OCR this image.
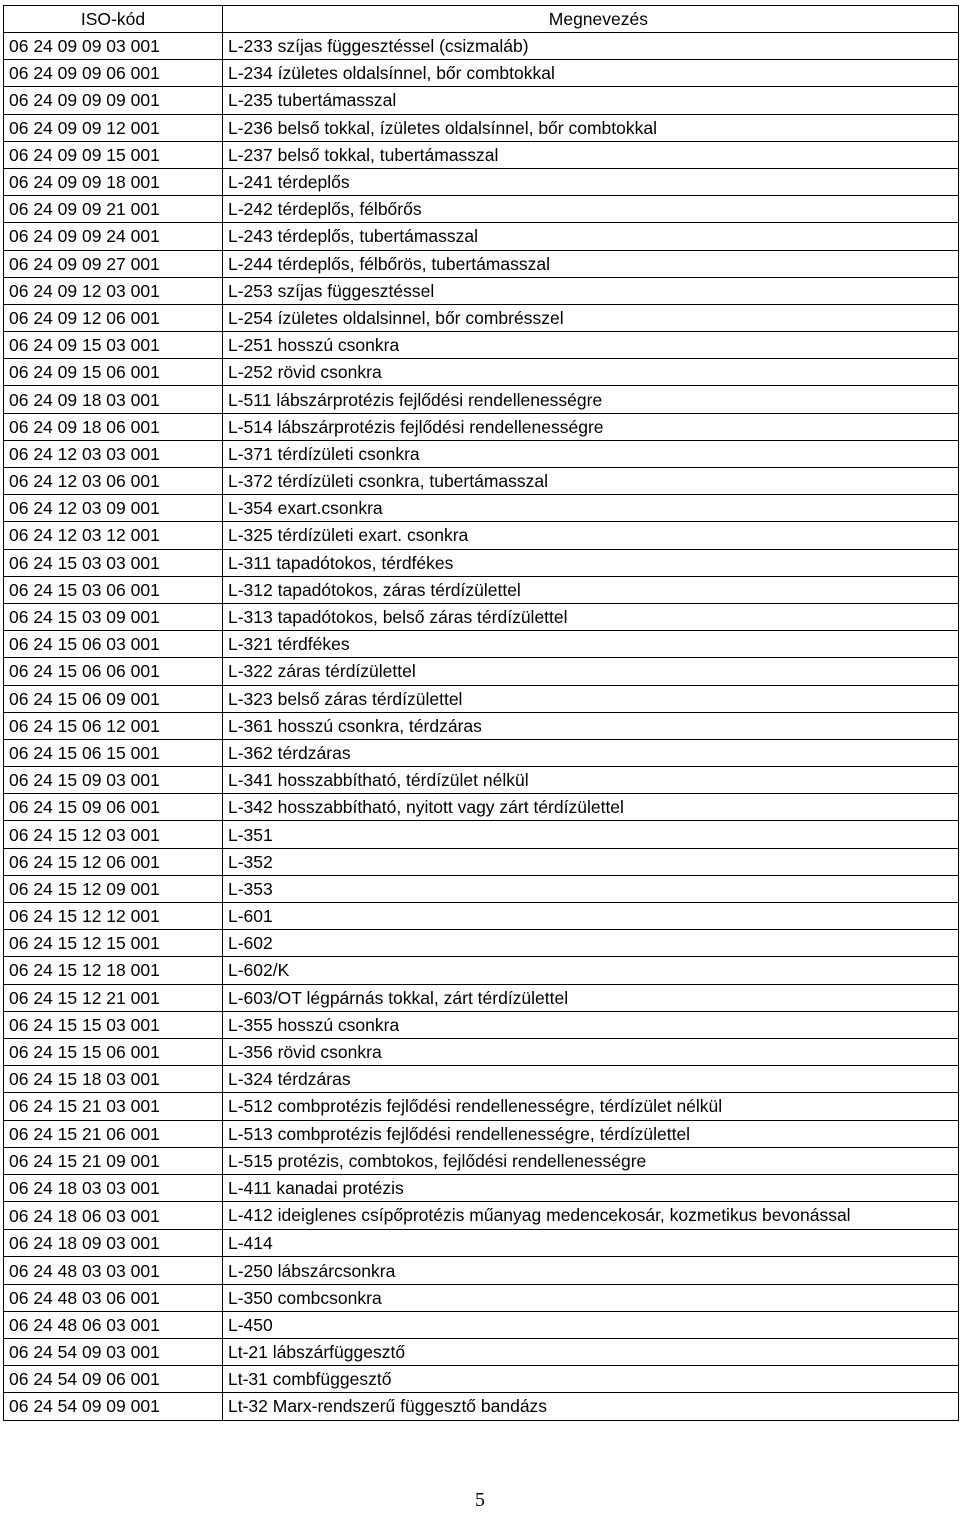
ISO-kód	Megnevezés
06 24 09 09 03 001	L-233 szíjas függesztéssel (csizmaláb)
06 24 09 09 06 001	L-234 ízületes oldalsínnel, bőr combtokkal
06 24 09 09 09 001	L-235 tubertámasszal
06 24 09 09 12 001	L-236 belső tokkal, ízületes oldalsínnel, bőr combtokkal
06 24 09 09 15 001	L-237 belső tokkal, tubertámasszal
06 24 09 09 18 001	L-241 térdeplős
06 24 09 09 21 001	L-242 térdeplős, félbőrős
06 24 09 09 24 001	L-243 térdeplős, tubertámasszal
06 24 09 09 27 001	L-244 térdeplős, félbőrös, tubertámasszal
06 24 09 12 03 001	L-253 szíjas függesztéssel
06 24 09 12 06 001	L-254 ízületes oldalsinnel, bőr combrésszel
06 24 09 15 03 001	L-251 hosszú csonkra
06 24 09 15 06 001	L-252 rövid csonkra
06 24 09 18 03 001	L-511 lábszárprotézis fejlődési rendellenességre
06 24 09 18 06 001	L-514 lábszárprotézis fejlődési rendellenességre
06 24 12 03 03 001	L-371 térdízületi csonkra
06 24 12 03 06 001	L-372 térdízületi csonkra, tubertámasszal
06 24 12 03 09 001	L-354 exart.csonkra
06 24 12 03 12 001	L-325 térdízületi exart. csonkra
06 24 15 03 03 001	L-311 tapadótokos, térdfékes
06 24 15 03 06 001	L-312 tapadótokos, záras térdízülettel
06 24 15 03 09 001	L-313 tapadótokos, belső záras térdízülettel
06 24 15 06 03 001	L-321 térdfékes
06 24 15 06 06 001	L-322 záras térdízülettel
06 24 15 06 09 001	L-323 belső záras térdízülettel
06 24 15 06 12 001	L-361 hosszú csonkra, térdzáras
06 24 15 06 15 001	L-362 térdzáras
06 24 15 09 03 001	L-341 hosszabbítható, térdízület nélkül
06 24 15 09 06 001	L-342 hosszabbítható, nyitott vagy zárt térdízülettel
06 24 15 12 03 001	L-351
06 24 15 12 06 001	L-352
06 24 15 12 09 001	L-353
06 24 15 12 12 001	L-601
06 24 15 12 15 001	L-602
06 24 15 12 18 001	L-602/K
06 24 15 12 21 001	L-603/OT légpárnás tokkal, zárt térdízülettel
06 24 15 15 03 001	L-355 hosszú csonkra
06 24 15 15 06 001	L-356 rövid csonkra
06 24 15 18 03 001	L-324 térdzáras
06 24 15 21 03 001	L-512 combprotézis fejlődési rendellenességre, térdízület nélkül
06 24 15 21 06 001	L-513 combprotézis fejlődési rendellenességre, térdízülettel
06 24 15 21 09 001	L-515 protézis, combtokos, fejlődési rendellenességre
06 24 18 03 03 001	L-411 kanadai protézis
06 24 18 06 03 001	L-412 ideiglenes csípőprotézis műanyag medencekosár, kozmetikus bevonással
06 24 18 09 03 001	L-414
06 24 48 03 03 001	L-250 lábszárcsonkra
06 24 48 03 06 001	L-350 combcsonkra
06 24 48 06 03 001	L-450
06 24 54 09 03 001	Lt-21 lábszárfüggesztő
06 24 54 09 06 001	Lt-31 combfüggesztő
06 24 54 09 09 001	Lt-32 Marx-rendszerű függesztő bandázs
5
